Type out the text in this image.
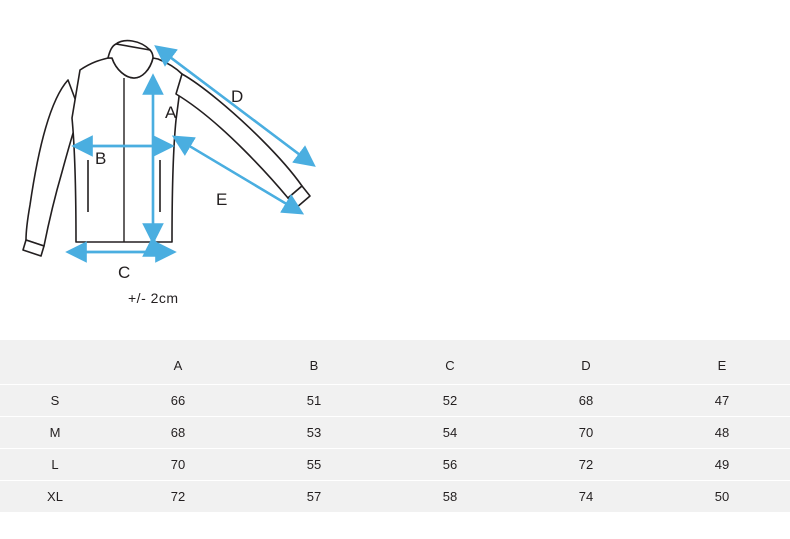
A
B
C
D
E
+/- 2cm
	A	B	C	D	E
S	66	51	52	68	47
M	68	53	54	70	48
L	70	55	56	72	49
XL	72	57	58	74	50
